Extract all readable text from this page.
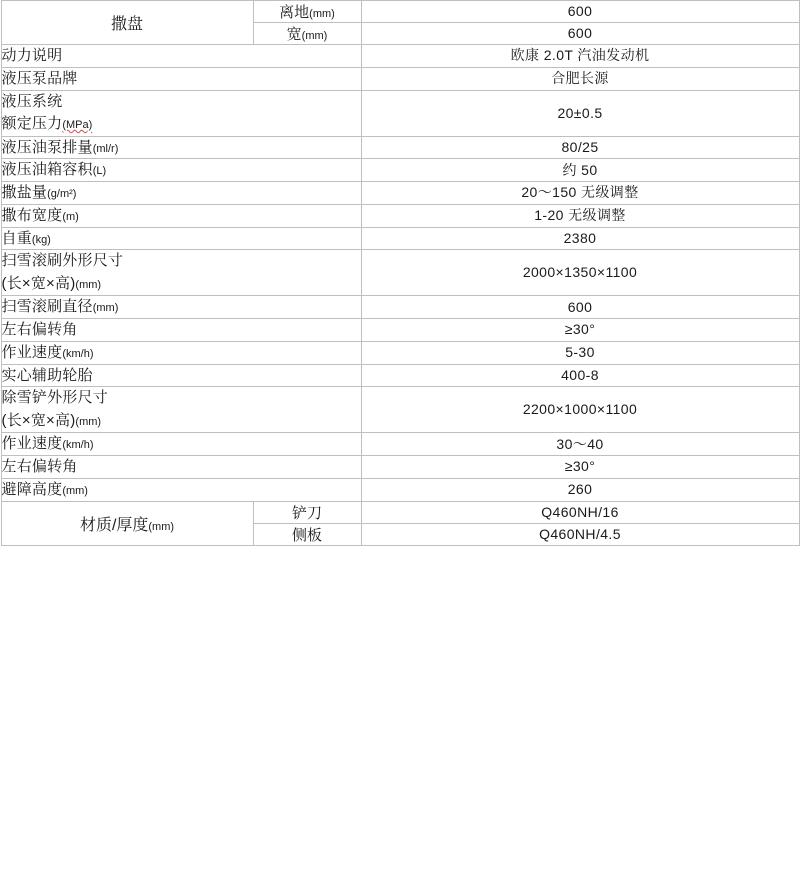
撒盘	离地(mm)	600
	宽(mm)	600
动力说明		欧康 2.0T 汽油发动机
液压泵品牌		合肥长源

液压系统
额定压力(MPa)		20±0.5
液压油泵排量(ml/r)		80/25
液压油箱容积(L)		约 50
撒盐量(g/m²)		20～150 无级调整
撒布宽度(m)		1-20 无级调整
自重(kg)		2380

扫雪滚刷外形尺寸
(长×宽×高)(mm)		2000×1350×1100
扫雪滚刷直径(mm)		600
左右偏转角		≥30°
作业速度(km/h)		5-30
实心辅助轮胎		400-8

除雪铲外形尺寸
(长×宽×高)(mm)		2200×1000×1100
作业速度(km/h)		30～40
左右偏转角		≥30°
避障高度(mm)		260
材质/厚度(mm)	铲刀	Q460NH/16
	侧板	Q460NH/4.5
